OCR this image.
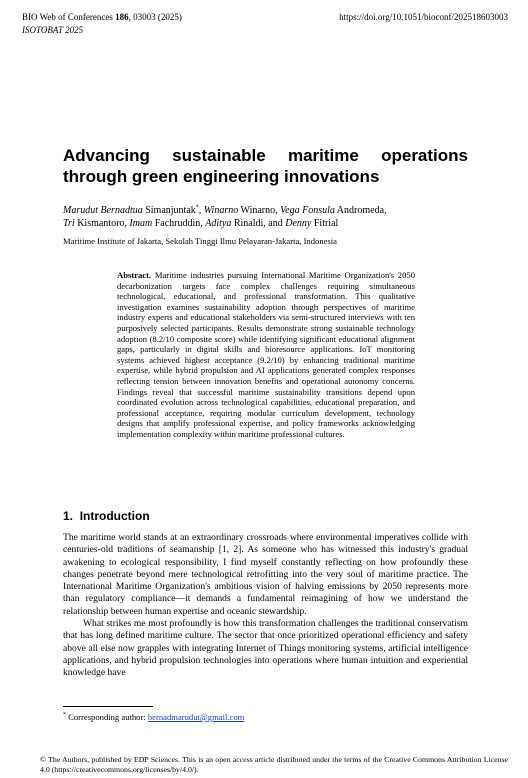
BIO Web of Conferences 186, 03003 (2025)
ISOTOBAT 2025
https://doi.org/10.1051/bioconf/202518603003
Advancing sustainable maritime operations through green engineering innovations
Marudut Bernadtua Simanjuntak*, Winarno Winarno, Vega Fonsula Andromeda,
Tri Kismantoro, Imam Fachruddin, Aditya Rinaldi, and Denny Fitrial
Maritime Institute of Jakarta, Sekolah Tinggi Ilmu Pelayaran-Jakarta, Indonesia
Abstract. Maritime industries pursuing International Maritime Organization's 2050 decarbonization targets face complex challenges requiring simultaneous technological, educational, and professional transformation. This qualitative investigation examines sustainability adoption through perspectives of maritime industry experts and educational stakeholders via semi-structured interviews with ten purposively selected participants. Results demonstrate strong sustainable technology adoption (8.2/10 composite score) while identifying significant educational alignment gaps, particularly in digital skills and bioresource applications. IoT monitoring systems achieved highest acceptance (9.2/10) by enhancing traditional maritime expertise, while hybrid propulsion and AI applications generated complex responses reflecting tension between innovation benefits and operational autonomy concerns. Findings reveal that successful maritime sustainability transitions depend upon coordinated evolution across technological capabilities, educational preparation, and professional acceptance, requiring modular curriculum development, technology designs that amplify professional expertise, and policy frameworks acknowledging implementation complexity within maritime professional cultures.
1. Introduction

The maritime world stands at an extraordinary crossroads where environmental imperatives collide with centuries-old traditions of seamanship [1, 2]. As someone who has witnessed this industry's gradual awakening to ecological responsibility, I find myself constantly reflecting on how profoundly these changes penetrate beyond mere technological retrofitting into the very soul of maritime practice. The International Maritime Organization's ambitious vision of halving emissions by 2050 represents more than regulatory compliance—it demands a fundamental reimagining of how we understand the relationship between human expertise and oceanic stewardship.

What strikes me most profoundly is how this transformation challenges the traditional conservatism that has long defined maritime culture. The sector that once prioritized operational efficiency and safety above all else now grapples with integrating Internet of Things monitoring systems, artificial intelligence applications, and hybrid propulsion technologies into operations where human intuition and experiential knowledge have

* Corresponding author: bernadmarudut@gmail.com
© The Authors, published by EDP Sciences. This is an open access article distributed under the terms of the Creative Commons Attribution License 4.0 (https://creativecommons.org/licenses/by/4.0/).
